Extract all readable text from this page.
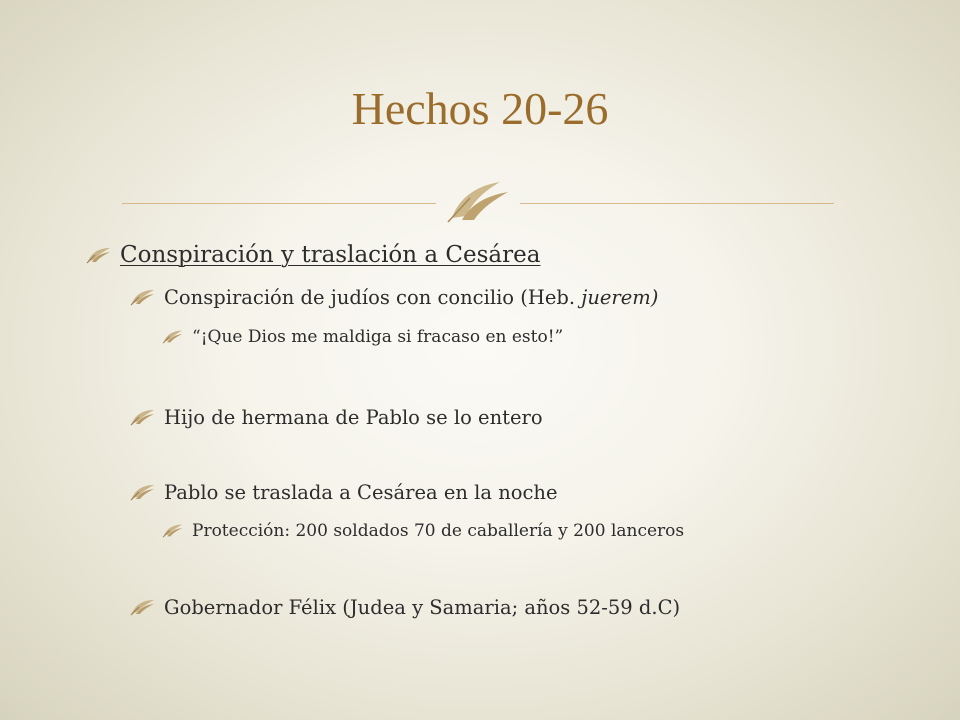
Hechos 20-26
Conspiración y traslación a Cesárea
Conspiración de judíos con concilio (Heb. juerem)
“¡Que Dios me maldiga si fracaso en esto!”
Hijo de hermana de Pablo se lo entero
Pablo se traslada a Cesárea en la noche
Protección: 200 soldados 70 de caballería y 200 lanceros
Gobernador Félix (Judea y Samaria; años 52-59 d.C)
